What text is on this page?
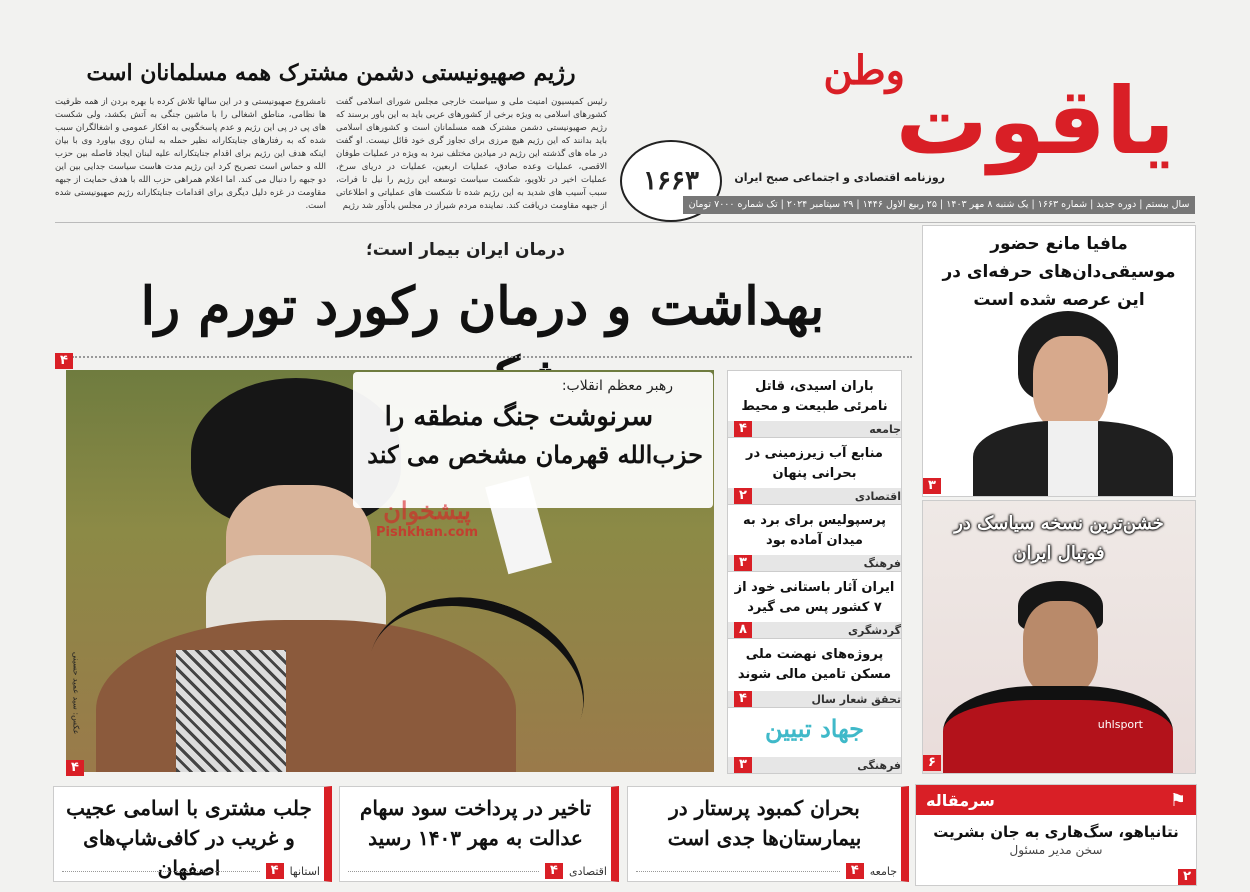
وطن
یاقوت
روزنامه اقتصادی و اجتماعی صبح ایران
۱۶۶۳
سال بیستم | دوره جدید | شماره ۱۶۶۳ | یک شنبه ۸ مهر ۱۴۰۳ | ۲۵ ربیع الاول ۱۴۴۶ | ۲۹ سپتامبر ۲۰۲۴ | تک شماره ۷۰۰۰ تومان
رژیم صهیونیستی دشمن مشترک همه مسلمانان است

رئیس کمیسیون امنیت ملی و سیاست خارجی مجلس شورای اسلامی گفت کشورهای اسلامی به ویژه برخی از کشورهای عربی باید به این باور برسند که رژیم صهیونیستی دشمن مشترک همه مسلمانان است و کشورهای اسلامی باید بدانند که این رژیم هیچ مرزی برای تجاوز گری خود قائل نیست. او گفت در ماه های گذشته این رژیم در میادین مختلف نبرد به ویژه در عملیات طوفان الاقصی، عملیات وعده صادق، عملیات اربعین، عملیات در دریای سرخ، عملیات اخیر در تلاویو، شکست سیاست توسعه این رژیم را نیل تا فرات، سبب آسیب های شدید به این رژیم شده تا شکست های عملیاتی و اطلاعاتی از جبهه مقاومت دریافت کند. نماینده مردم شیراز در مجلس یادآور شد رژیم

نامشروع صهیونیستی و در این سالها تلاش کرده با بهره بردن از همه ظرفیت ها نظامی، مناطق اشغالی را با ماشین جنگی به آتش بکشد، ولی شکست های پی در پی این رژیم و عدم پاسخگویی به افکار عمومی و اشغالگران سبب شده که به رفتارهای جنایتکارانه نظیر حمله به لبنان روی بیاورد وی با بیان اینکه هدف این رژیم برای اقدام جنایتکارانه علیه لبنان ایجاد فاصله بین حزب الله و حماس است تصریح کرد این رژیم مدت هاست سیاست جدایی بین این دو جبهه را دنبال می کند. اما اعلام همراهی حزب الله با هدف حمایت از جبهه مقاومت در غزه دلیل دیگری برای اقدامات جنایتکارانه رژیم صهیونیستی شده است.

درمان ایران بیمار است؛
بهداشت و درمان رکورد تورم را
۴
عکس: سید عمید حسینی
رهبر معظم انقلاب:
سرنوشت جنگ منطقه را
حزب‌الله قهرمان مشخص می کند
پیشخوان
Pishkhan.com
۴
باران اسیدی، قاتل نامرئی طبیعت و محیط
جامعه
۴
منابع آب زیرزمینی در بحرانی پنهان
اقتصادی
۲
پرسپولیس برای برد به میدان آماده بود
فرهنگ
۳
ایران آثار باستانی خود از ۷ کشور پس می گیرد
گردشگری
۸
پروژه‌های نهضت ملی مسکن تامین مالی شوند
تحقق شعار سال
۴
جهاد تبیین
فرهنگی
۳
مافیا مانع حضور موسیقی‌دان‌های حرفه‌ای در این عرصه شده است
۳
خشن‌ترین نسخه سیاسک در فوتبال ایران
uhlsport
۶
بحران کمبود پرستار در بیمارستان‌ها جدی است
جامعه
۴
تاخیر در پرداخت سود سهام عدالت به مهر ۱۴۰۳ رسید
اقتصادی
۴
جلب مشتری با اسامی عجیب و غریب در کافی‌شاپ‌های اصفهان	استانها
۴
⚑
سرمقاله
نتانیاهو، سگ‌هاری به جان بشریت
سخن مدیر مسئول
۲
